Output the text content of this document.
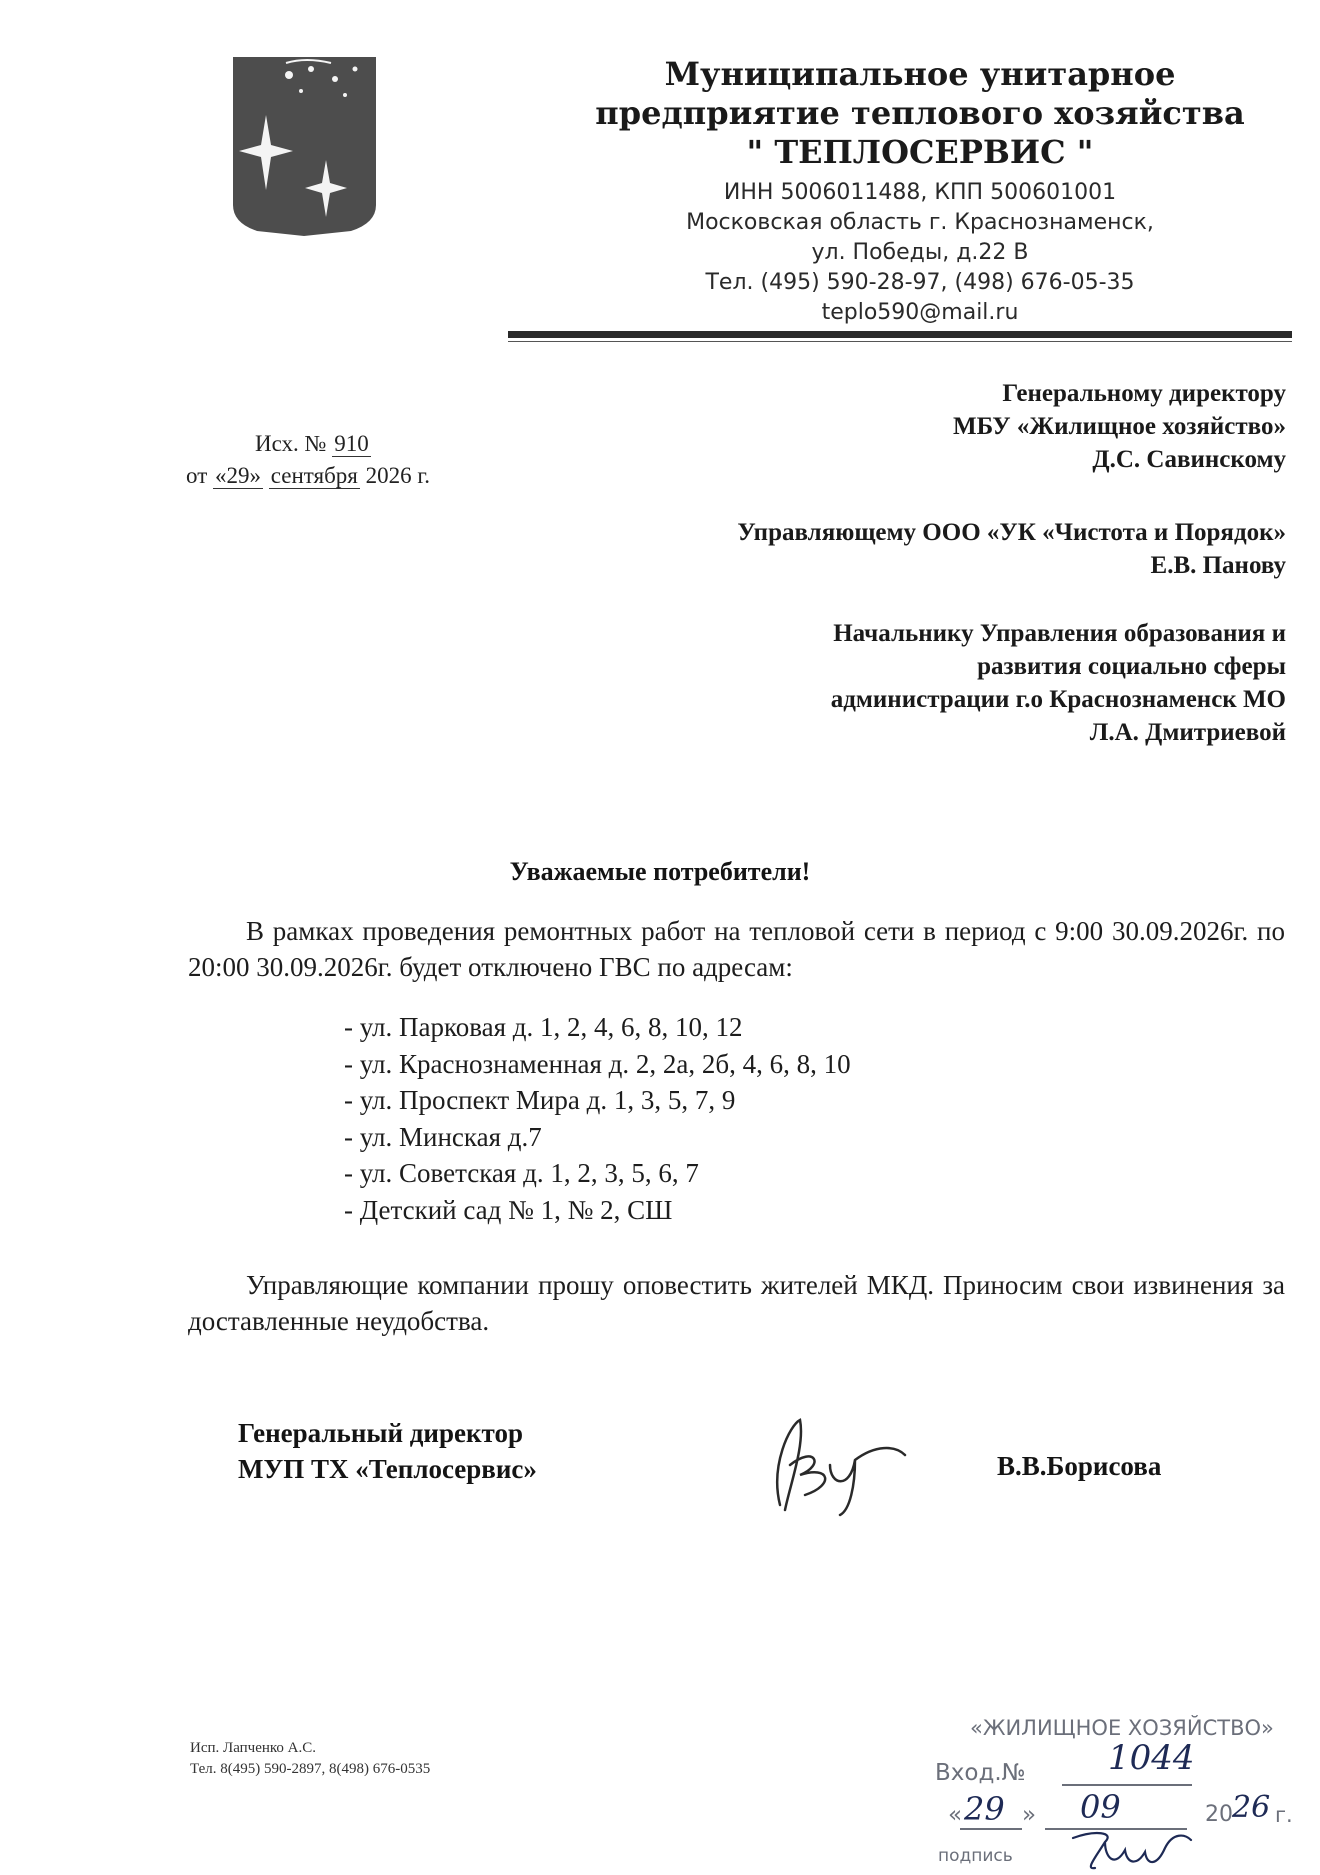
Муниципальное унитарное
предприятие теплового хозяйства
" ТЕПЛОСЕРВИС "
ИНН 5006011488, КПП 500601001
Московская область г. Краснознаменск,
ул. Победы, д.22 В
Тел. (495) 590-28-97, (498) 676-05-35
teplo590@mail.ru
Исх. № 910
от «29» сентября 2026 г.
Генеральному директору
МБУ «Жилищное хозяйство»
Д.С. Савинскому
Управляющему ООО «УК «Чистота и Порядок»
Е.В. Панову
Начальнику Управления образования и
развития социально сферы
администрации г.о Краснознаменск МО
Л.А. Дмитриевой
Уважаемые потребители!
В рамках проведения ремонтных работ на тепловой сети в период с 9:00 30.09.2026г. по 20:00 30.09.2026г. будет отключено ГВС по адресам:
- ул. Парковая д. 1, 2, 4, 6, 8, 10, 12
- ул. Краснознаменная д. 2, 2а, 2б, 4, 6, 8, 10
- ул. Проспект Мира д. 1, 3, 5, 7, 9
- ул. Минская д.7
- ул. Советская д. 1, 2, 3, 5, 6, 7
- Детский сад № 1, № 2, СШ
Управляющие компании прошу оповестить жителей МКД. Приносим свои извинения за доставленные неудобства.
Генеральный директор
МУП ТХ «Теплосервис»	В.В.Борисова
Исп. Лапченко А.С.
Тел. 8(495) 590-2897, 8(498) 676-0535
«ЖИЛИЩНОЕ ХОЗЯЙСТВО»
Вход.№ 1044
« 29 » 09	20 26 г.
подпись
